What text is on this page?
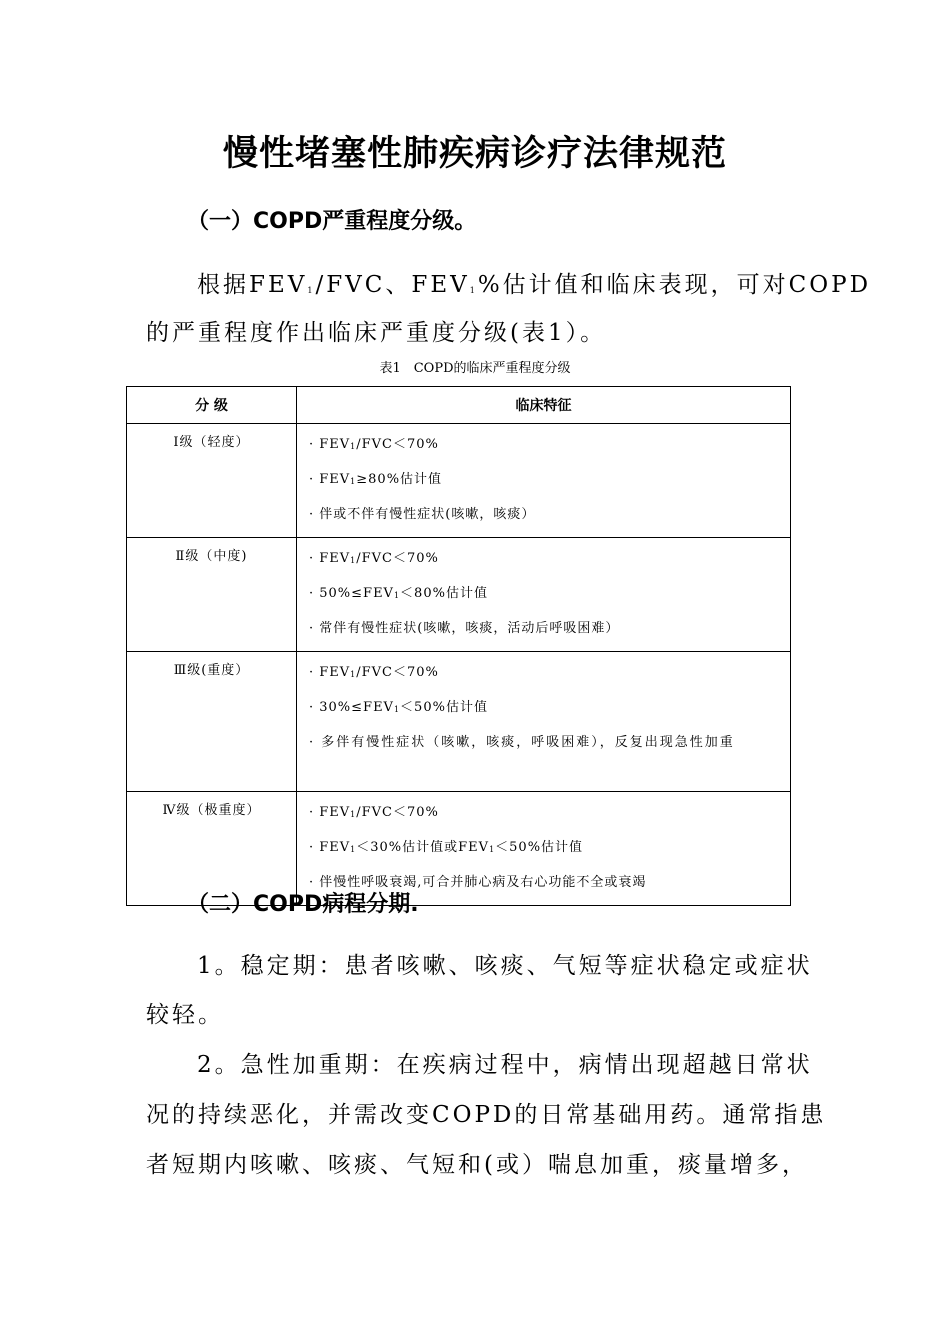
慢性堵塞性肺疾病诊疗法律规范
（一）COPD严重程度分级。
根据$FEV_1$/FVC、$FEV_1\%$估计值和临床表现，可对COPD
的严重程度作出临床严重度分级(表1）。
表1　COPD的临床严重程度分级
分 级	临床特征
Ⅰ级（轻度）	· $FEV_1/FVC<70\%$
· $FEV_1\ge 80\%$估计值
· 伴或不伴有慢性症状(咳嗽，咳痰）

Ⅱ级（中度)	· $FEV_1/FVC<70\%$
· $50\%\le FEV_1<80\%$估计值
· 常伴有慢性症状(咳嗽，咳痰，活动后呼吸困难）

Ⅲ级(重度）	· $FEV_1/FVC<70\%$
· $30\%\le FEV_1<50\%$估计值
· 多伴有慢性症状（咳嗽，咳痰，呼吸困难），反复出现急性加重

Ⅳ级（极重度）	· $FEV_1/FVC<70\%$
· $FEV_1<30\%$估计值或$FEV_1<50\%$估计值
· 伴慢性呼吸衰竭,可合并肺心病及右心功能不全或衰竭
（二）COPD病程分期.
1。稳定期：患者咳嗽、咳痰、气短等症状稳定或症状
较轻。
2。急性加重期：在疾病过程中，病情出现超越日常状
况的持续恶化，并需改变COPD的日常基础用药。通常指患
者短期内咳嗽、咳痰、气短和(或）喘息加重，痰量增多，
